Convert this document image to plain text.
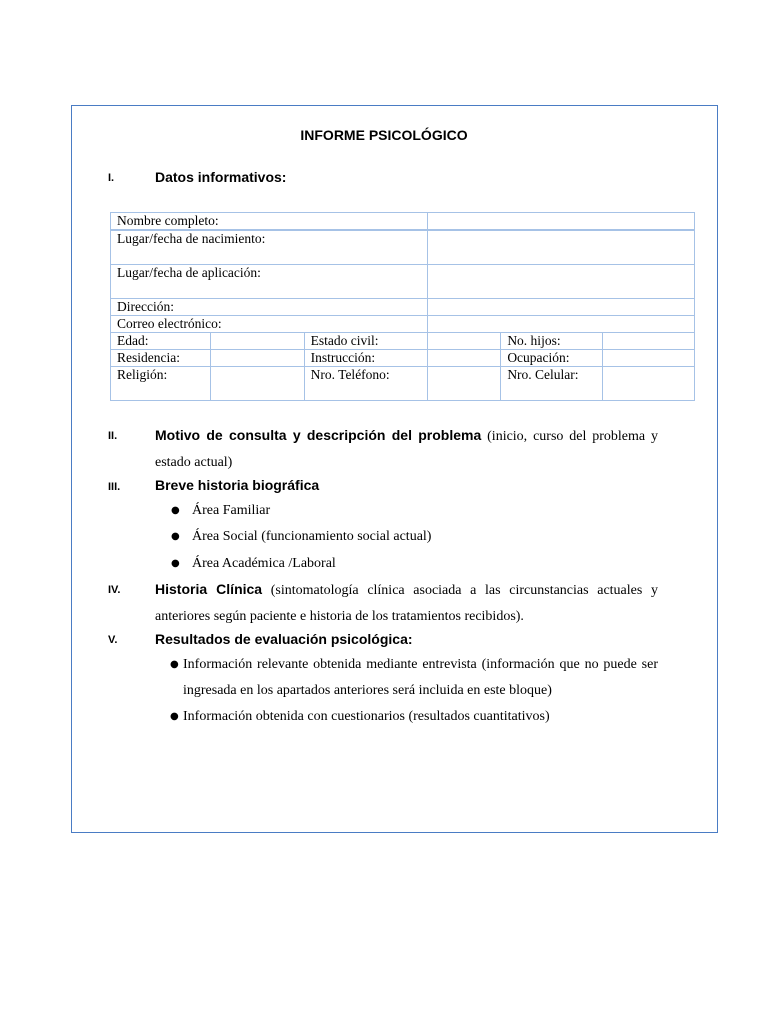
INFORME PSICOLÓGICO
I.	Datos informativos:
Nombre completo:					
Lugar/fecha de nacimiento:					
Lugar/fecha de aplicación:					
Dirección:					
Correo electrónico:					
Edad:		Estado civil:		No. hijos:	
Residencia:		Instrucción:		Ocupación:	
Religión:		Nro. Teléfono:		Nro. Celular:	
II.	Motivo de consulta y descripción del problema (inicio, curso del problema y estado actual)
III. Breve historia biográfica
● Área Familiar
● Área Social (funcionamiento social actual)
● Área Académica /Laboral
IV. Historia Clínica (sintomatología clínica asociada a las circunstancias actuales y anteriores según paciente e historia de los tratamientos recibidos).
V.	Resultados de evaluación psicológica:
● Información relevante obtenida mediante entrevista (información que no puede ser ingresada en los apartados anteriores será incluida en este bloque)
● Información obtenida con cuestionarios (resultados cuantitativos)
